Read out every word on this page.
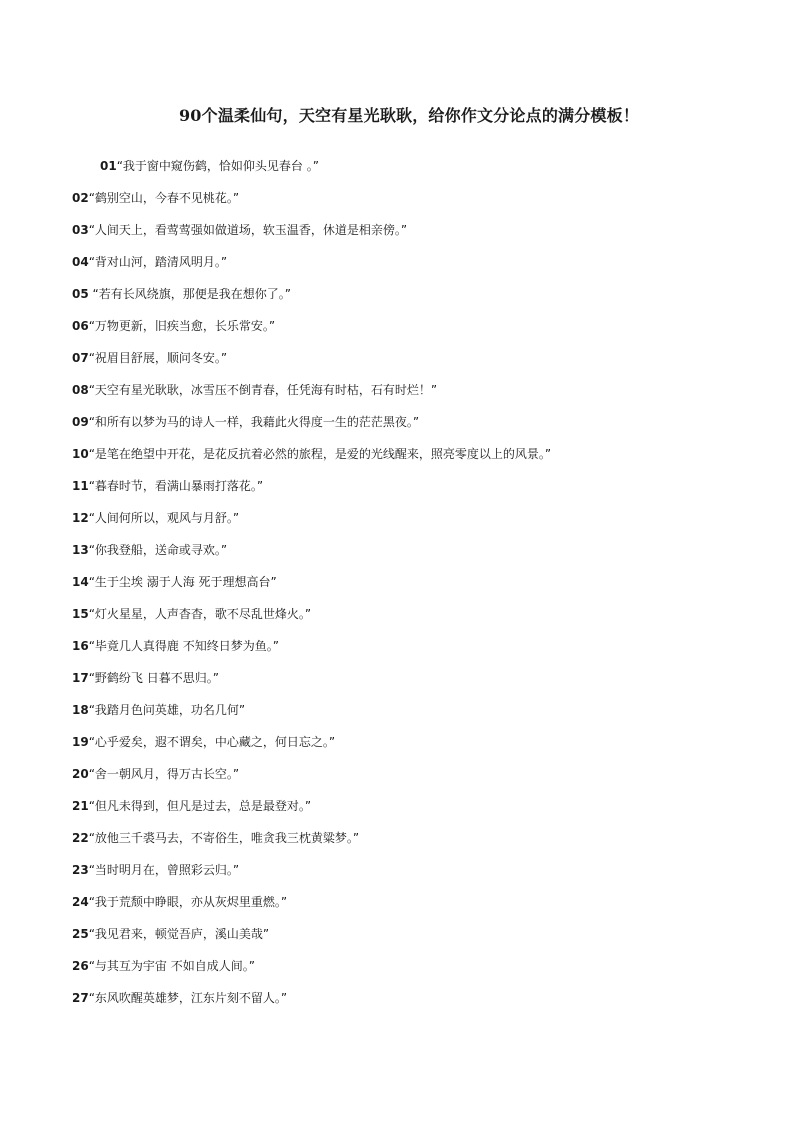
90个温柔仙句，天空有星光耿耿，给你作文分论点的满分模板！
01“我于窗中窥伤鹤，恰如仰头见春台 。”
02“鹤别空山，今春不见桃花。”
03“人间天上，看莺莺强如做道场，软玉温香，休道是相亲傍。”
04“背对山河，踏清风明月。”
05 “若有长风绕旗，那便是我在想你了。”
06“万物更新，旧疾当愈，长乐常安。”
07“祝眉目舒展，顺问冬安。”
08“天空有星光耿耿，冰雪压不倒青春，任凭海有时枯，石有时烂！”
09“和所有以梦为马的诗人一样，我藉此火得度一生的茫茫黑夜。”
10“是笔在绝望中开花，是花反抗着必然的旅程，是爱的光线醒来，照亮零度以上的风景。”
11“暮春时节，看满山暴雨打落花。”
12“人间何所以，观风与月舒。”
13“你我登船，送命或寻欢。”
14“生于尘埃 溺于人海 死于理想高台”
15“灯火星星，人声杳杳，歌不尽乱世烽火。”
16“毕竟几人真得鹿 不知终日梦为鱼。”
17“野鹤纷飞 日暮不思归。”
18“我踏月色问英雄，功名几何”
19“心乎爱矣，遐不谓矣，中心藏之，何日忘之。”
20“舍一朝风月，得万古长空。”
21“但凡未得到，但凡是过去，总是最登对。”
22“放他三千裘马去，不寄俗生，唯贪我三枕黄粱梦。”
23“当时明月在，曾照彩云归。”
24“我于荒颓中睁眼，亦从灰烬里重燃。”
25“我见君来，顿觉吾庐，溪山美哉”
26“与其互为宇宙 不如自成人间。”
27“东风吹醒英雄梦，江东片刻不留人。”
